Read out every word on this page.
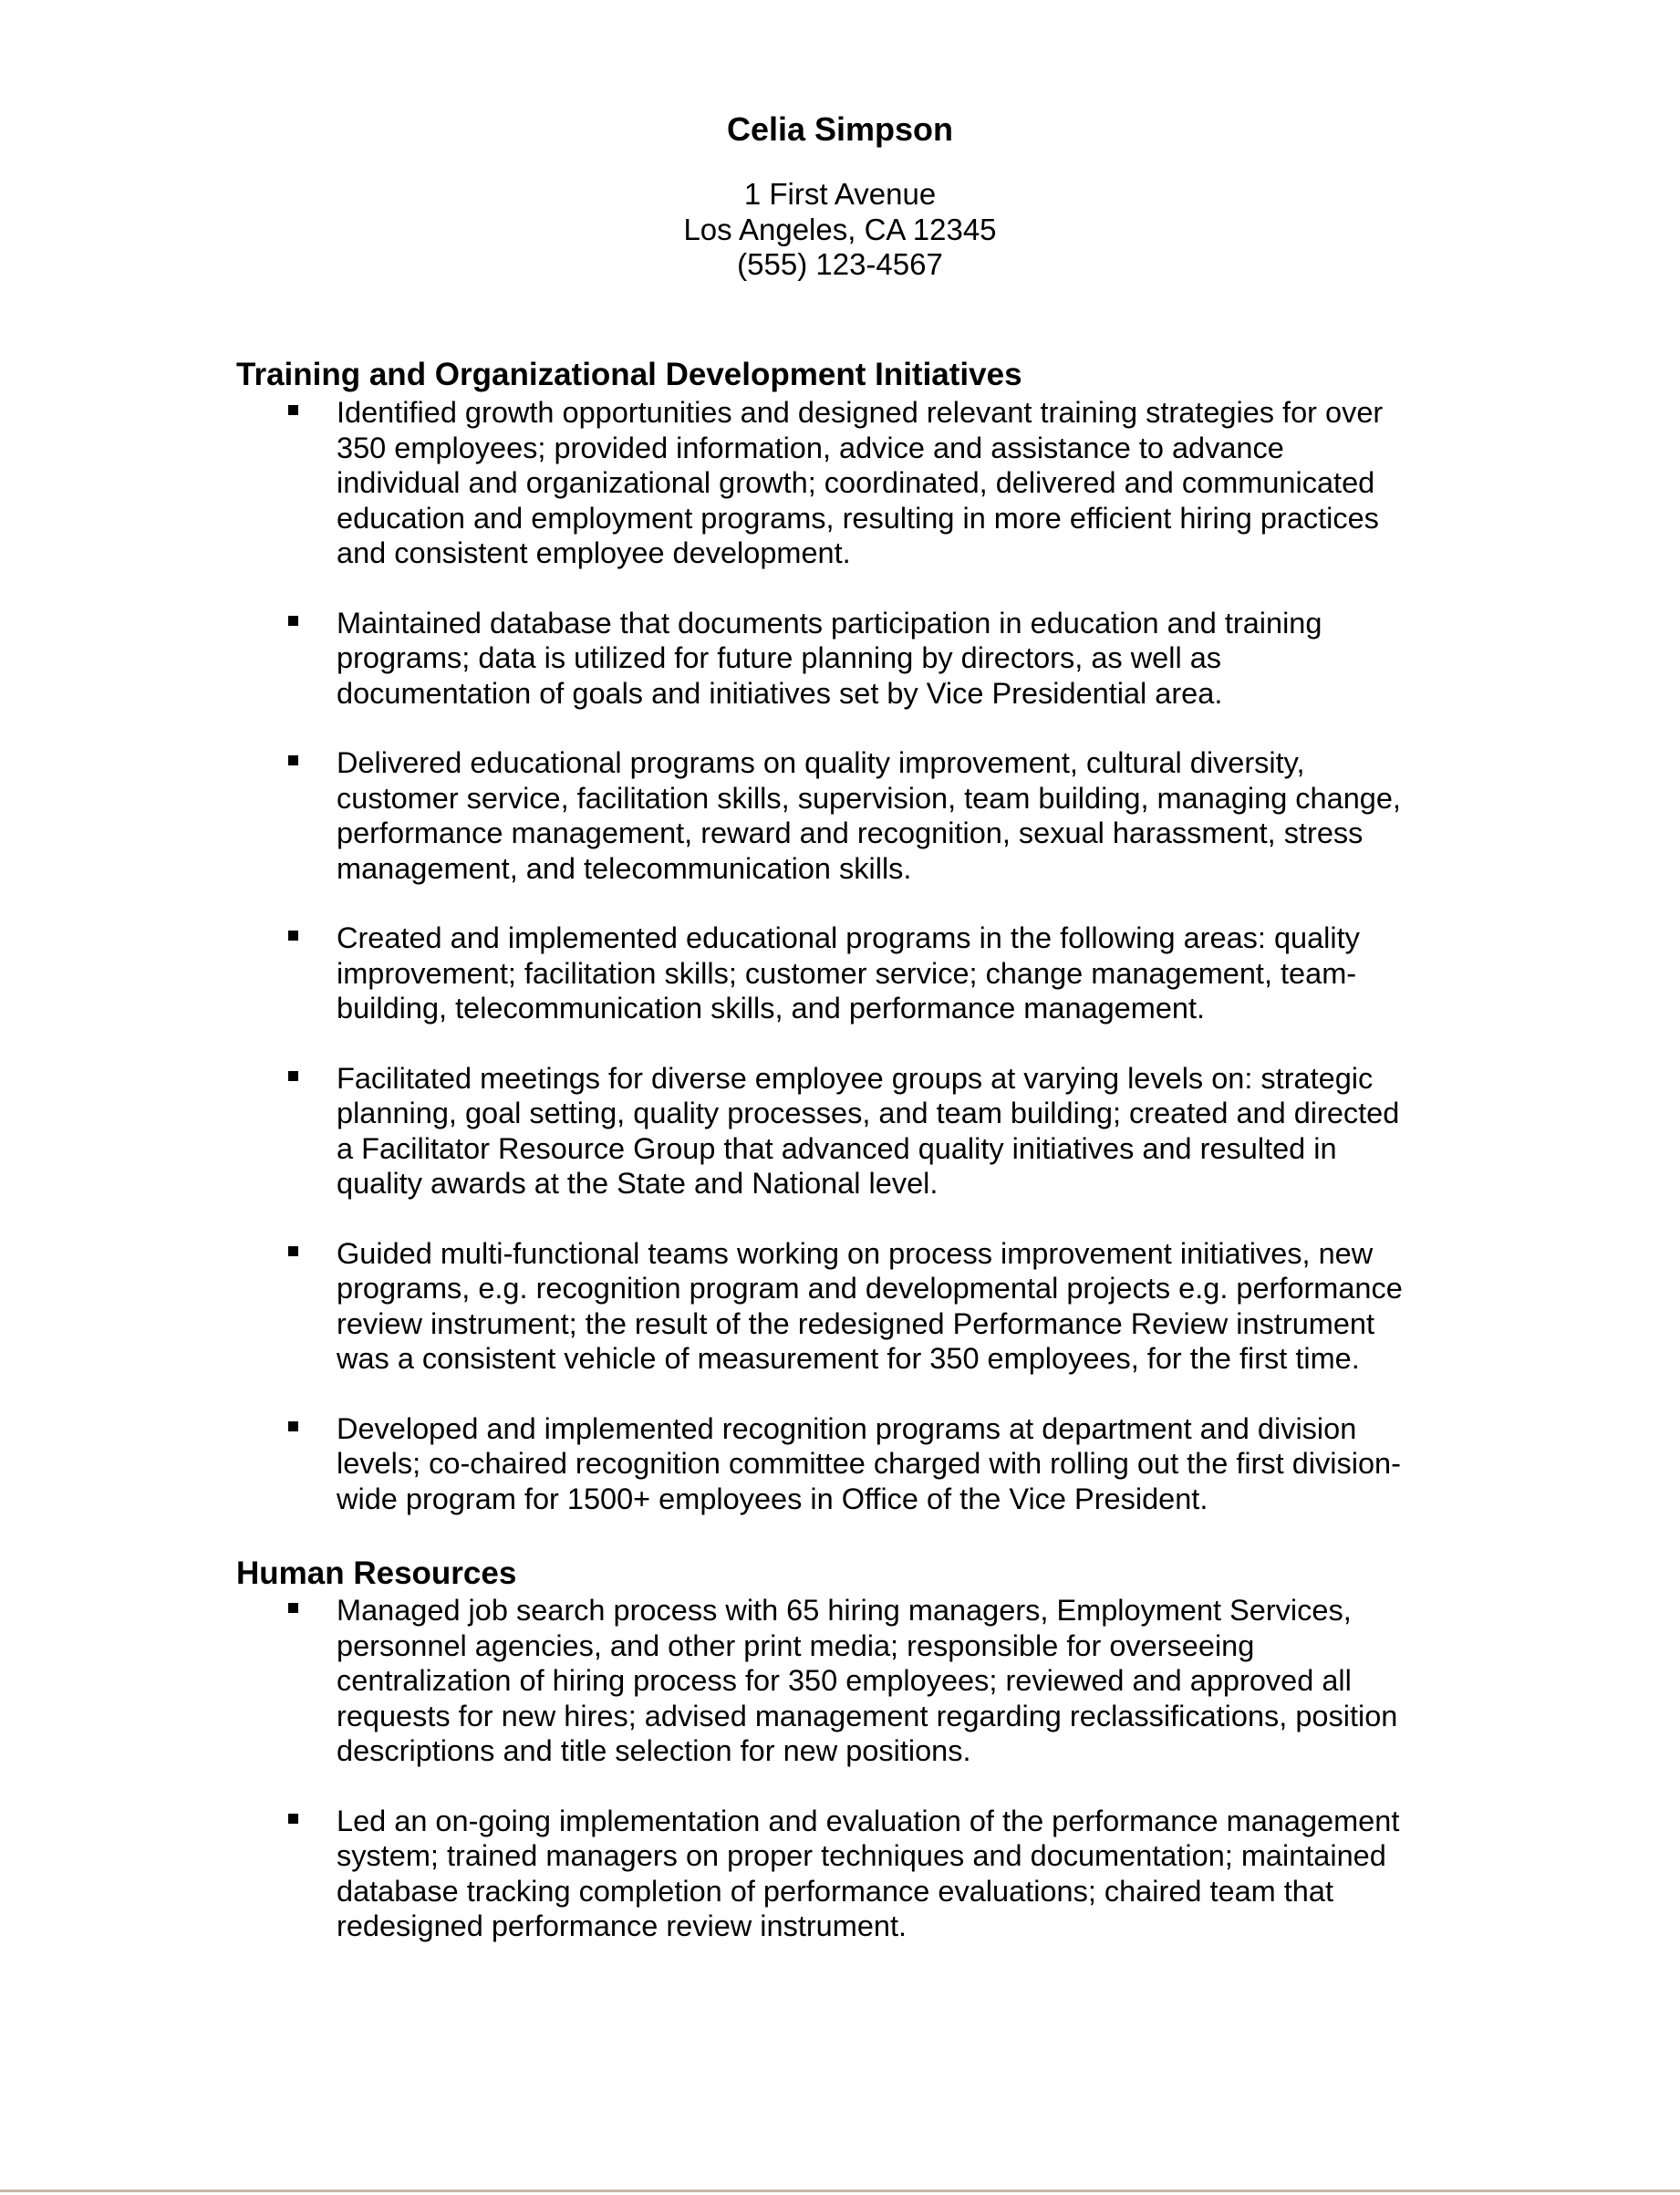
Celia Simpson
1 First Avenue
Los Angeles, CA 12345
(555) 123-4567
Training and Organizational Development Initiatives
Identified growth opportunities and designed relevant training strategies for over
350 employees; provided information, advice and assistance to advance
individual and organizational growth; coordinated, delivered and communicated
education and employment programs, resulting in more efficient hiring practices
and consistent employee development.
Maintained database that documents participation in education and training
programs; data is utilized for future planning by directors, as well as
documentation of goals and initiatives set by Vice Presidential area.
Delivered educational programs on quality improvement, cultural diversity,
customer service, facilitation skills, supervision, team building, managing change,
performance management, reward and recognition, sexual harassment, stress
management, and telecommunication skills.
Created and implemented educational programs in the following areas: quality
improvement; facilitation skills; customer service; change management, team-
building, telecommunication skills, and performance management.
Facilitated meetings for diverse employee groups at varying levels on: strategic
planning, goal setting, quality processes, and team building; created and directed
a Facilitator Resource Group that advanced quality initiatives and resulted in
quality awards at the State and National level.
Guided multi-functional teams working on process improvement initiatives, new
programs, e.g. recognition program and developmental projects e.g. performance
review instrument; the result of the redesigned Performance Review instrument
was a consistent vehicle of measurement for 350 employees, for the first time.
Developed and implemented recognition programs at department and division
levels; co-chaired recognition committee charged with rolling out the first division-
wide program for 1500+ employees in Office of the Vice President.
Human Resources
Managed job search process with 65 hiring managers, Employment Services,
personnel agencies, and other print media; responsible for overseeing
centralization of hiring process for 350 employees; reviewed and approved all
requests for new hires; advised management regarding reclassifications, position
descriptions and title selection for new positions.
Led an on-going implementation and evaluation of the performance management
system; trained managers on proper techniques and documentation; maintained
database tracking completion of performance evaluations; chaired team that
redesigned performance review instrument.
